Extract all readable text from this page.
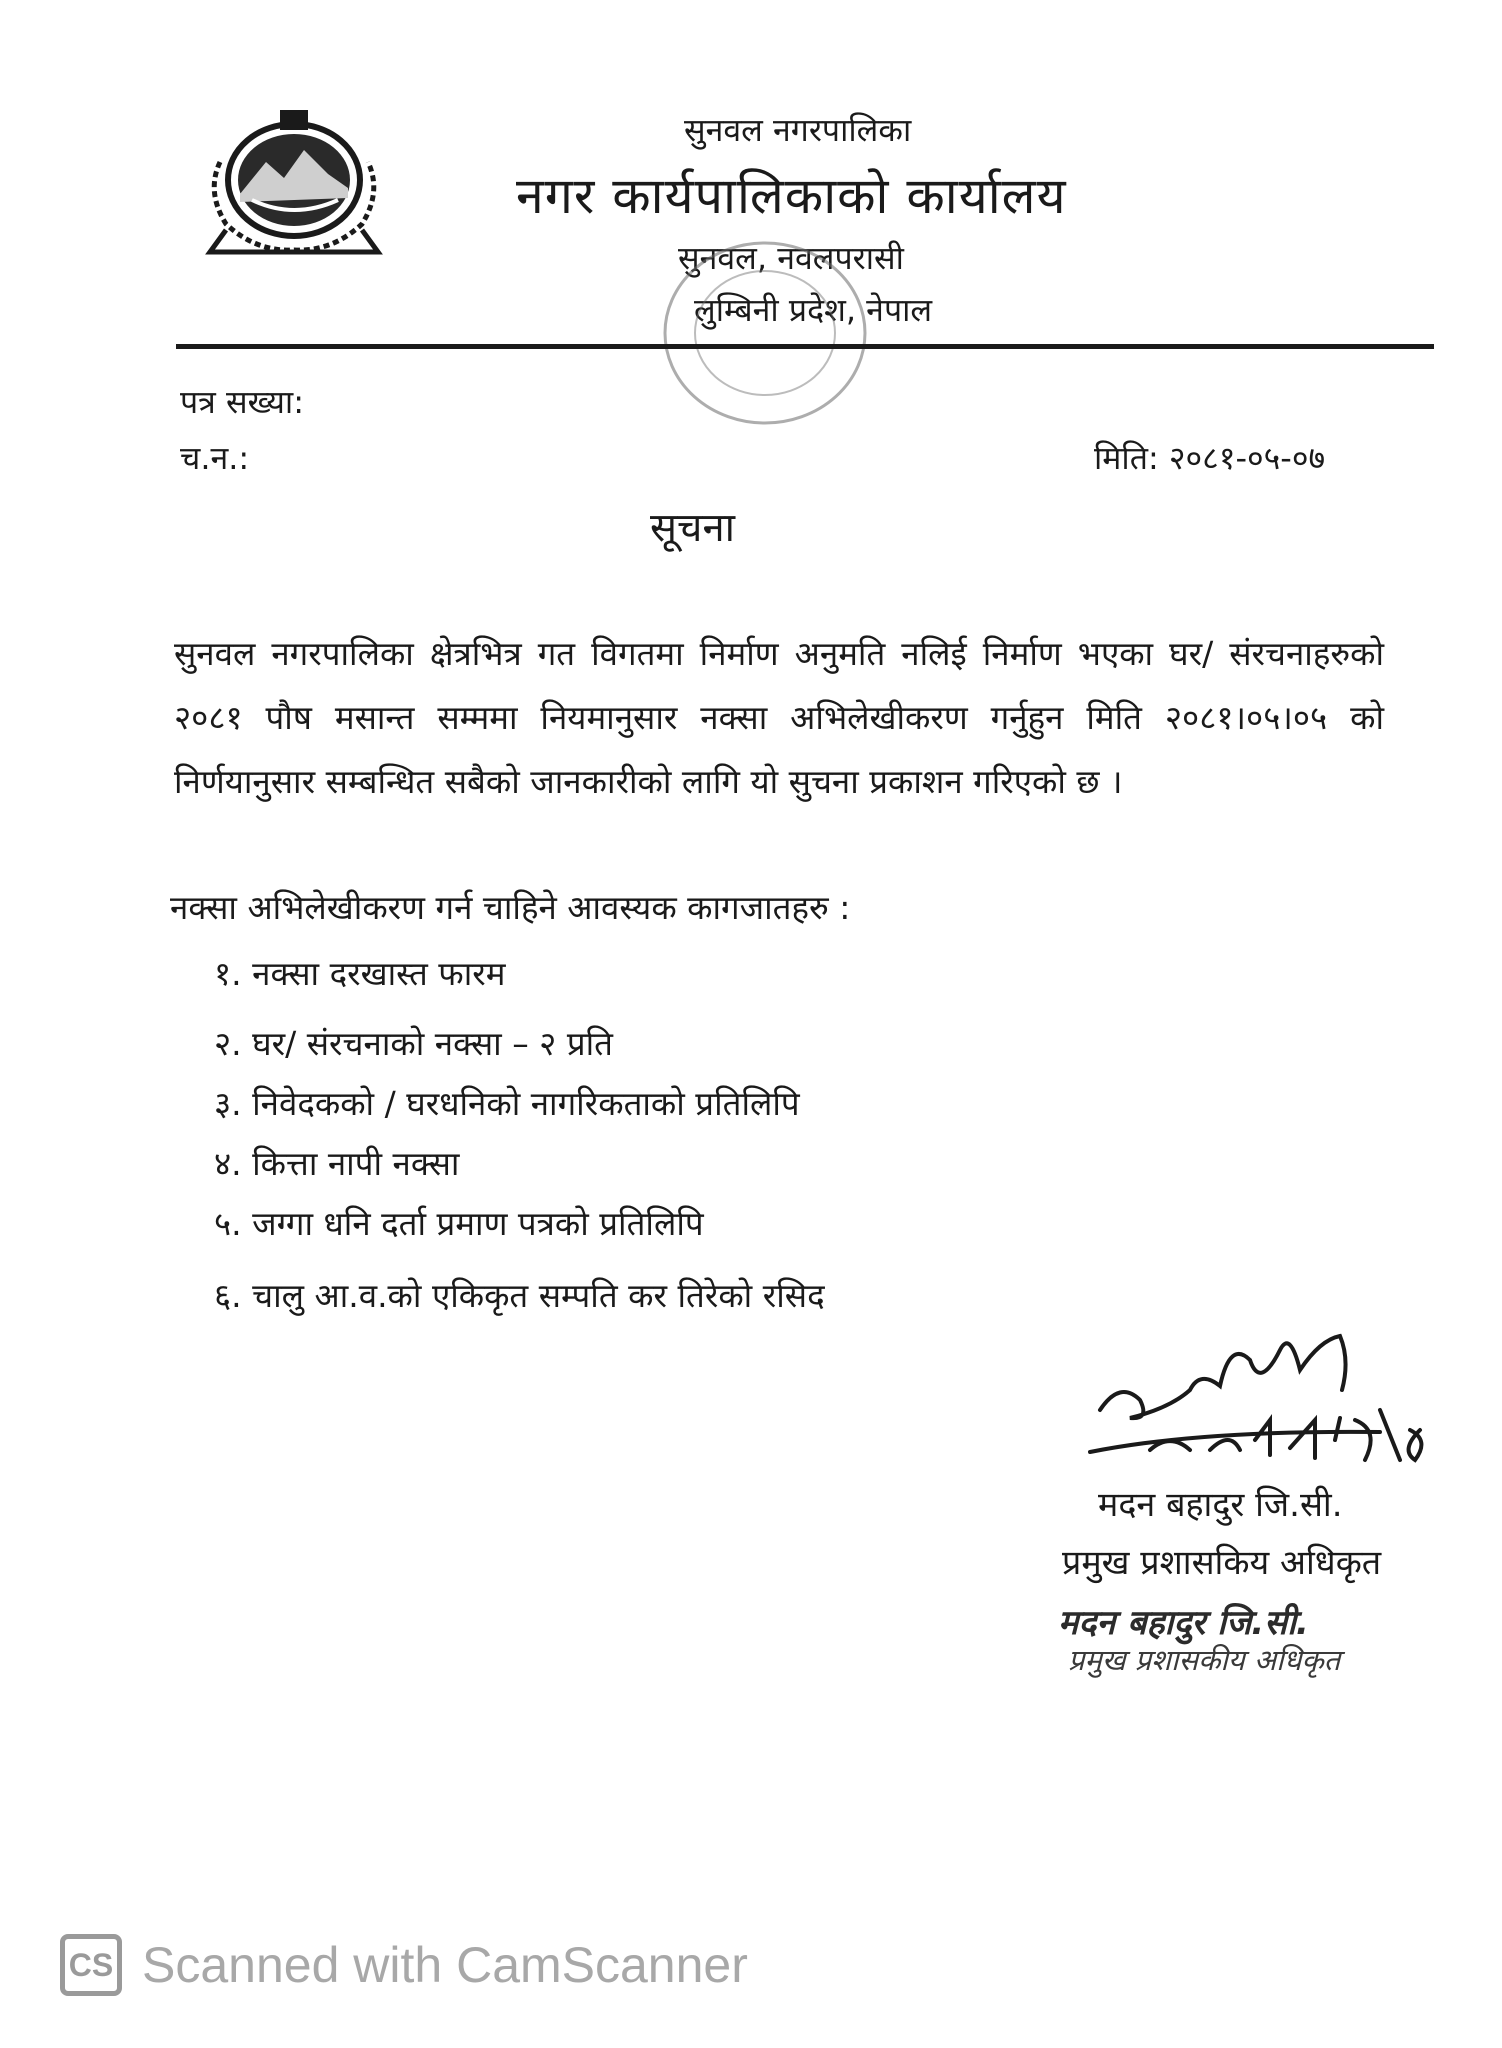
सुनवल नगरपालिका
नगर कार्यपालिकाको कार्यालय
सुनवल, नवलपरासी
लुम्बिनी प्रदेश, नेपाल
पत्र सख्या:
च.न.:	मिति: २०८१-०५-०७
सूचना
सुनवल नगरपालिका क्षेत्रभित्र गत विगतमा निर्माण अनुमति नलिई निर्माण भएका घर/ संरचनाहरुको २०८१ पौष मसान्त सम्ममा नियमानुसार नक्सा अभिलेखीकरण गर्नुहुन मिति २०८१।०५।०५ को निर्णयानुसार सम्बन्धित सबैको जानकारीको लागि यो सुचना प्रकाशन गरिएको छ ।
नक्सा अभिलेखीकरण गर्न चाहिने आवस्यक कागजातहरु :
१. नक्सा दरखास्त फारम
२. घर/ संरचनाको नक्सा – २ प्रति
३. निवेदकको / घरधनिको नागरिकताको प्रतिलिपि
४. कित्ता नापी नक्सा
५. जग्गा धनि दर्ता प्रमाण पत्रको प्रतिलिपि
६. चालु आ.व.को एकिकृत सम्पति कर तिरेको रसिद
मदन बहादुर जि.सी.
प्रमुख प्रशासकिय अधिकृत
मदन बहादुर जि.सी.
प्रमुख प्रशासकीय अधिकृत
CS Scanned with CamScanner
